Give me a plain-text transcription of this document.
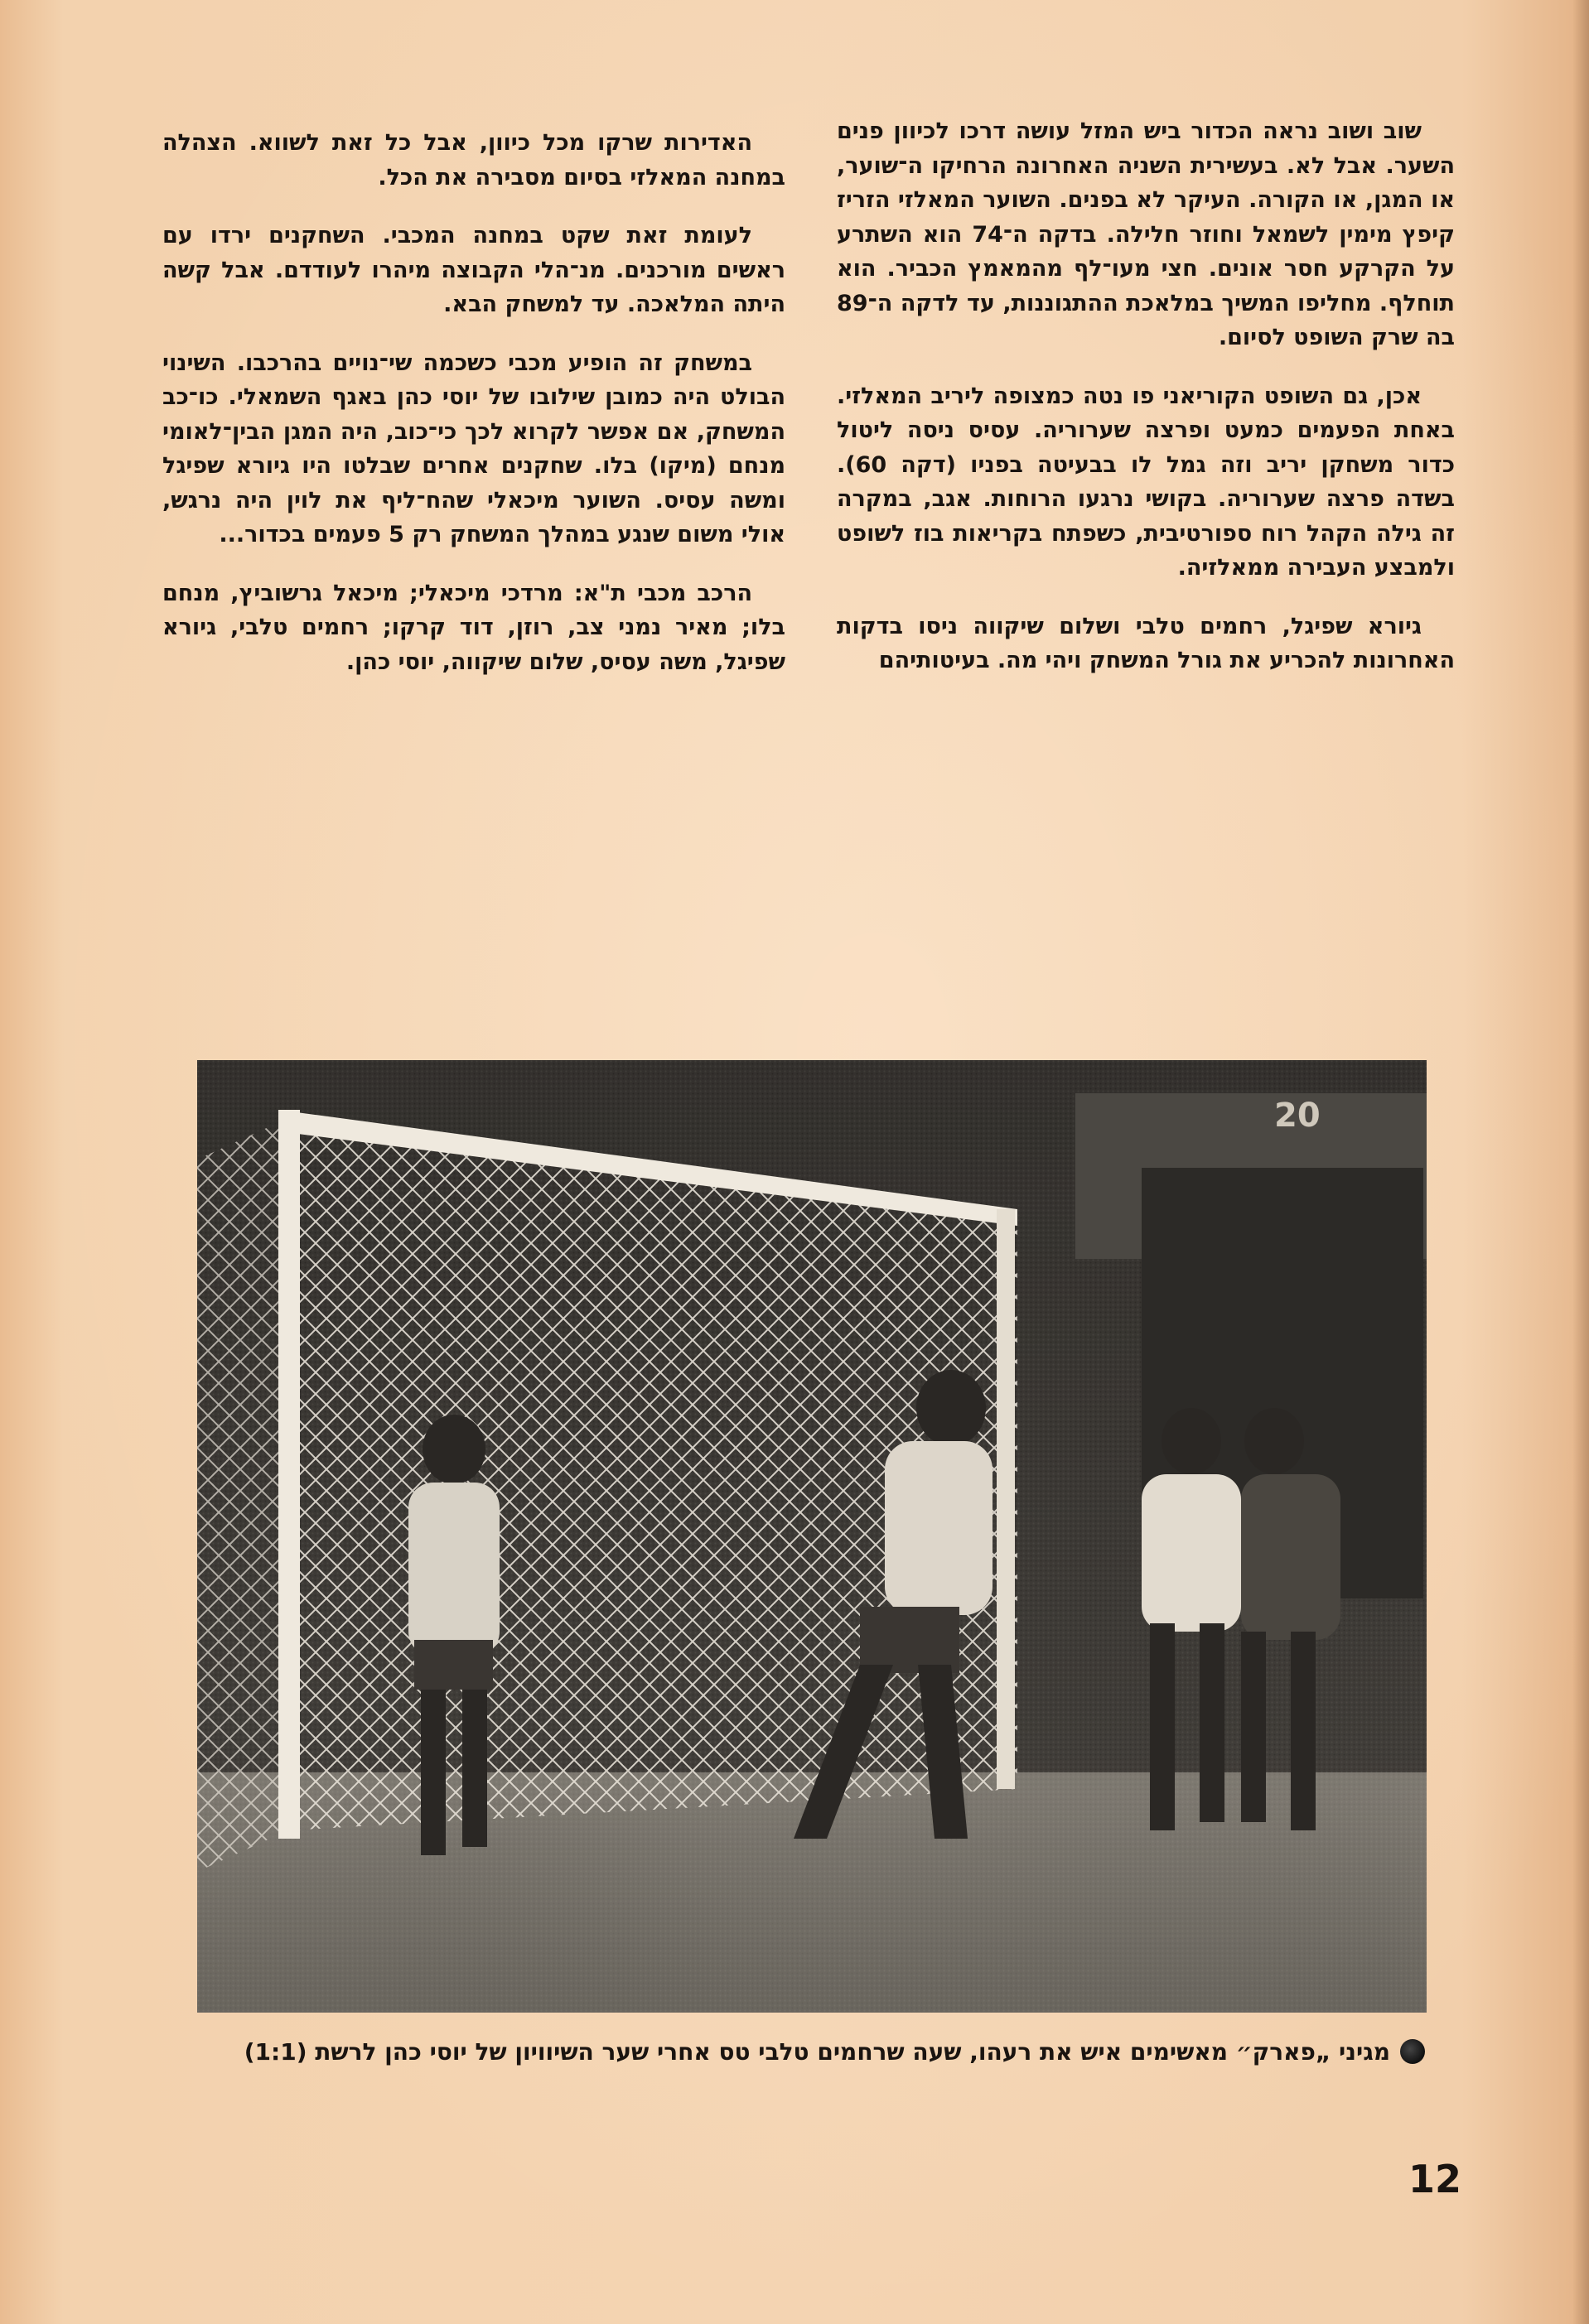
שוב ושוב נראה הכדור ביש המזל עושה דרכו לכיוון פנים השער. אבל לא. בעשירית השניה האחרונה הרחיקו ה־שוער, או המגן, או הקורה. העיקר לא בפנים. השוער המאלזי הזריז קיפץ מימין לשמאל וחוזר חלילה. בדקה ה־74 הוא השתרע על הקרקע חסר אונים. חצי מעו־לף מהמאמץ הכביר. הוא תוחלף. מחליפו המשיך במלאכת ההתגוננות, עד לדקה ה־89 בה שרק השופט לסיום.

אכן, גם השופט הקוריאני פו נטה כמצופה ליריב המאלזי. באחת הפעמים כמעט ופרצה שערוריה. עסיס ניסה ליטול כדור משחקן יריב וזה גמל לו בבעיטה בפניו (דקה 60). בשדה פרצה שערוריה. בקושי נרגעו הרוחות. אגב, במקרה זה גילה הקהל רוח ספורטיבית, כשפתח בקריאות בוז לשופט ולמבצע העבירה ממאלזיה.

גיורא שפיגל, רחמים טלבי ושלום שיקווה ניסו בדקות האחרונות להכריע את גורל המשחק ויהי מה. בעיטותיהם

האדירות שרקו מכל כיוון, אבל כל זאת לשווא. הצהלה במחנה המאלזי בסיום מסבירה את הכל.

לעומת זאת שקט במחנה המכבי. השחקנים ירדו עם ראשים מורכנים. מנ־הלי הקבוצה מיהרו לעודדם. אבל קשה היתה המלאכה. עד למשחק הבא.

במשחק זה הופיע מכבי כשכמה שי־נויים בהרכבו. השינוי הבולט היה כמובן שילובו של יוסי כהן באגף השמאלי. כו־כב המשחק, אם אפשר לקרוא לכך כי־כוב, היה המגן הבין־לאומי מנחם (מיקו) בלו. שחקנים אחרים שבלטו היו גיורא שפיגל ומשה עסיס. השוער מיכאלי שהח־ליף את לוין היה נרגש, אולי משום שנגע במהלך המשחק רק 5 פעמים בכדור...

הרכב מכבי ת"א: מרדכי מיכאלי; מיכאל גרשוביץ, מנחם בלו; מאיר נמני צב, רוזן, דוד קרקו; רחמים טלבי, גיורא שפיגל, משה עסיס, שלום שיקווה, יוסי כהן.

20
מגיני „פארק״ מאשימים איש את רעהו, שעה שרחמים טלבי טס אחרי שער השיוויון של יוסי כהן לרשת (1:1)
12
